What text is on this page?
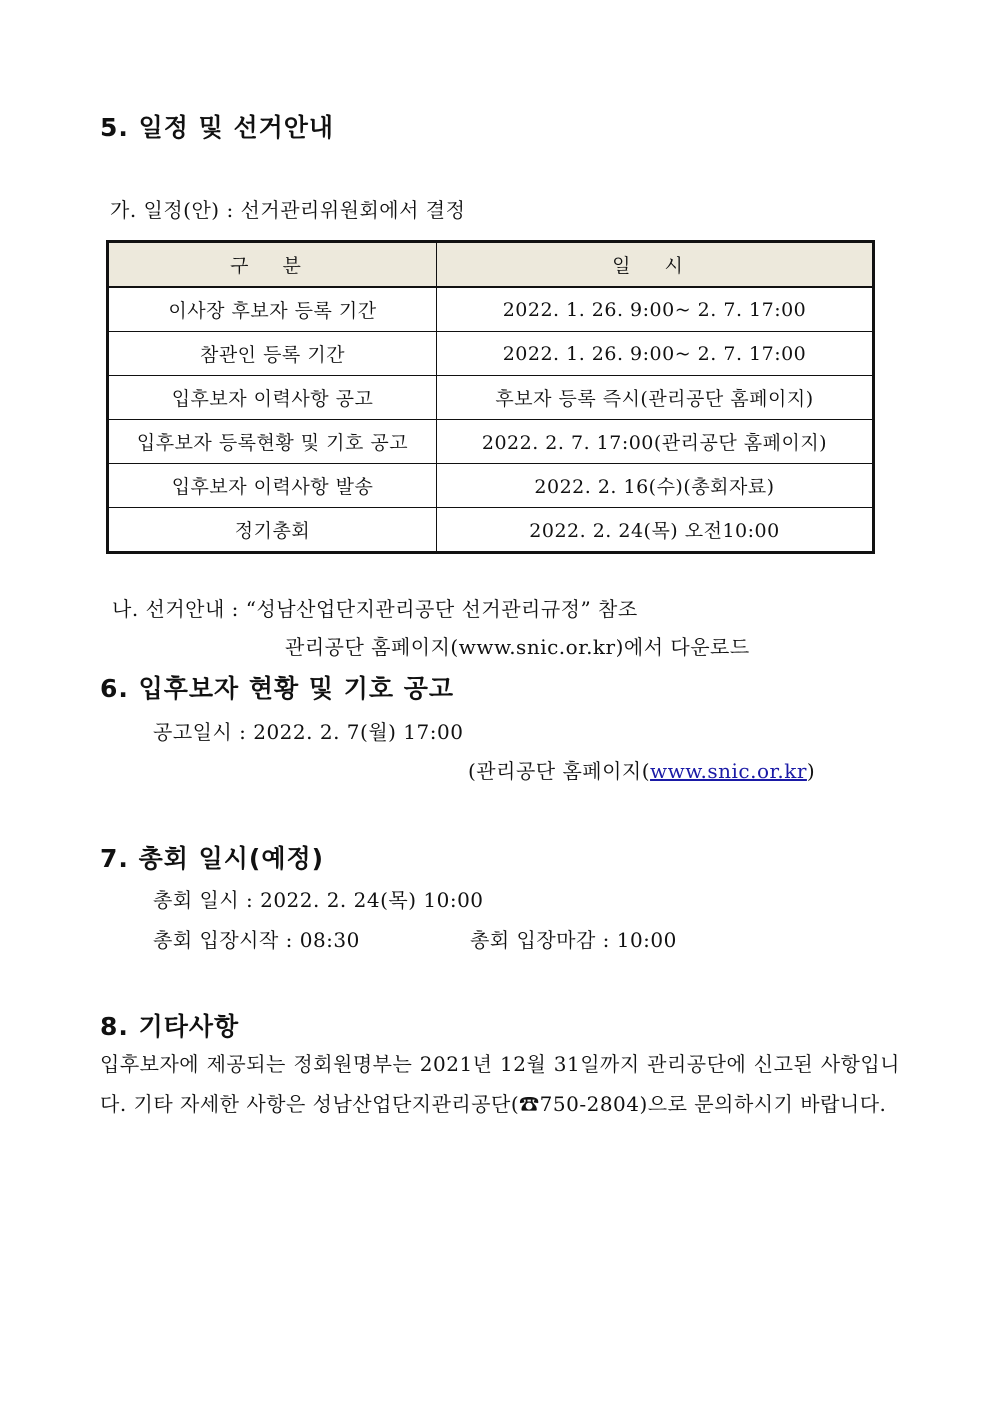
5. 일정 및 선거안내
가. 일정(안) : 선거관리위원회에서 결정
구 분	일 시
이사장 후보자 등록 기간	2022. 1. 26. 9:00~ 2. 7. 17:00
참관인 등록 기간	2022. 1. 26. 9:00~ 2. 7. 17:00
입후보자 이력사항 공고	후보자 등록 즉시(관리공단 홈페이지)
입후보자 등록현황 및 기호 공고	2022. 2. 7. 17:00(관리공단 홈페이지)
입후보자 이력사항 발송	2022. 2. 16(수)(총회자료)
정기총회	2022. 2. 24(목) 오전10:00
나. 선거안내 : “성남산업단지관리공단 선거관리규정” 참조
관리공단 홈페이지(www.snic.or.kr)에서 다운로드
6. 입후보자 현황 및 기호 공고
공고일시 : 2022. 2. 7(월) 17:00
(관리공단 홈페이지(www.snic.or.kr)
7. 총회 일시(예정)
총회 일시 : 2022. 2. 24(목) 10:00
총회 입장시작 : 08:30	총회 입장마감 : 10:00
8. 기타사항
입후보자에 제공되는 정회원명부는 2021년 12월 31일까지 관리공단에 신고된 사항입니다. 기타 자세한 사항은 성남산업단지관리공단(☎750-2804)으로 문의하시기 바랍니다.
